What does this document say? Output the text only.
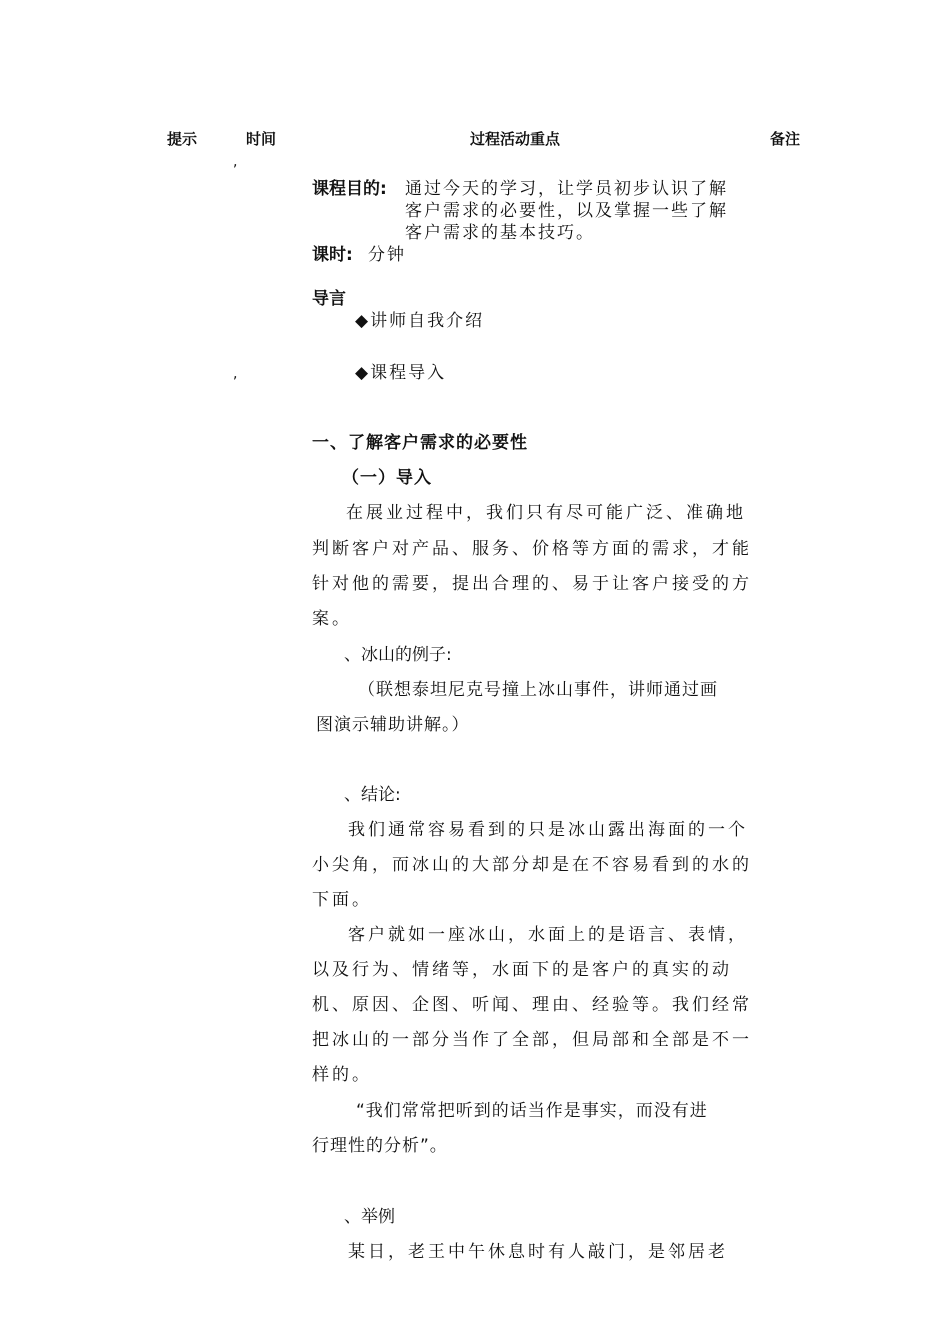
提示	时间	过程活动重点	备注
,
,
课程目的: 通过今天的学习，让学员初步认识了解
客户需求的必要性，以及掌握一些了解
客户需求的基本技巧。
课时: 分钟
导言
◆讲师自我介绍
◆课程导入
一、了解客户需求的必要性
（一）导入
在展业过程中，我们只有尽可能广泛、准确地
判断客户对产品、服务、价格等方面的需求，才能
针对他的需要，提出合理的、易于让客户接受的方
案。
、冰山的例子:
（联想泰坦尼克号撞上冰山事件，讲师通过画
图演示辅助讲解。）
、结论:
我们通常容易看到的只是冰山露出海面的一个
小尖角，而冰山的大部分却是在不容易看到的水的
下面。
客户就如一座冰山，水面上的是语言、表情，
以及行为、情绪等，水面下的是客户的真实的动
机、原因、企图、听闻、理由、经验等。我们经常
把冰山的一部分当作了全部，但局部和全部是不一
样的。
“我们常常把听到的话当作是事实，而没有进
行理性的分析”。
、举例
某日，老王中午休息时有人敲门，是邻居老
